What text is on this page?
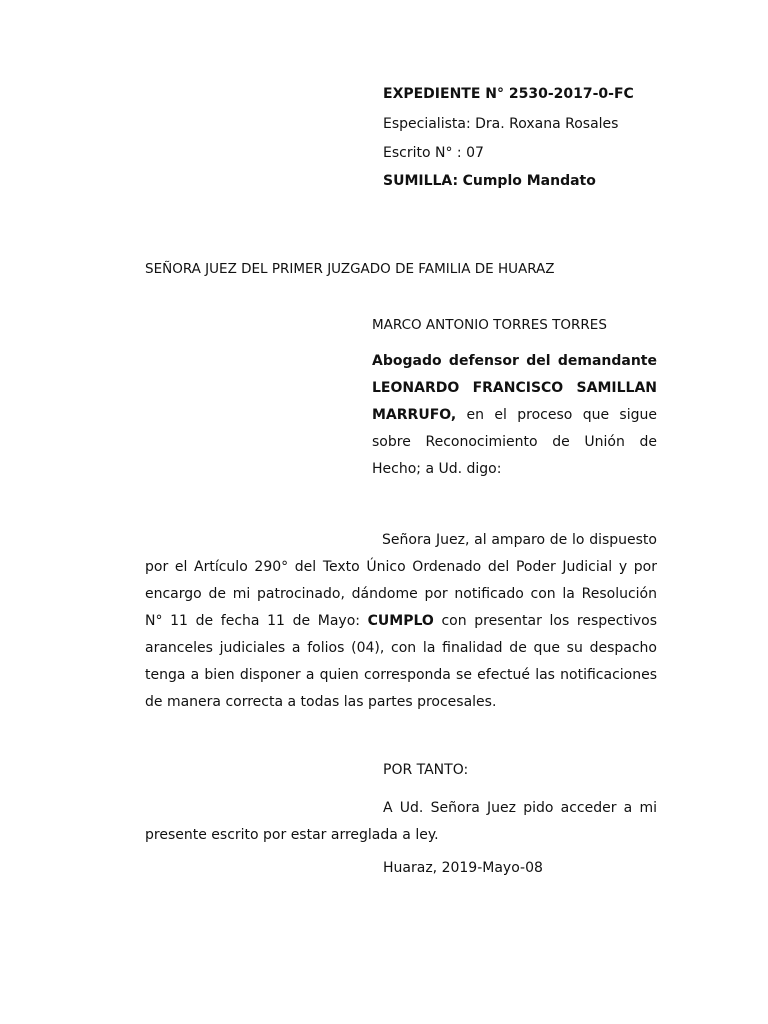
EXPEDIENTE N° 2530-2017-0-FC
Especialista: Dra. Roxana Rosales
Escrito N° : 07
SUMILLA: Cumplo Mandato
SEÑORA JUEZ DEL PRIMER JUZGADO DE FAMILIA DE HUARAZ
MARCO ANTONIO TORRES TORRES
Abogado defensor del demandante LEONARDO FRANCISCO SAMILLAN MARRUFO, en el proceso que sigue sobre Reconocimiento de Unión de Hecho; a Ud. digo:
Señora Juez, al amparo de lo dispuesto por el Artículo 290° del Texto Único Ordenado del Poder Judicial y por encargo de mi patrocinado, dándome por notificado con la Resolución N° 11 de fecha 11 de Mayo: CUMPLO con presentar los respectivos aranceles judiciales a folios (04), con la finalidad de que su despacho tenga a bien disponer a quien corresponda se efectué las notificaciones de manera correcta a todas las partes procesales.
POR TANTO:
A Ud. Señora Juez pido acceder a mi presente escrito por estar arreglada a ley.
Huaraz, 2019-Mayo-08
